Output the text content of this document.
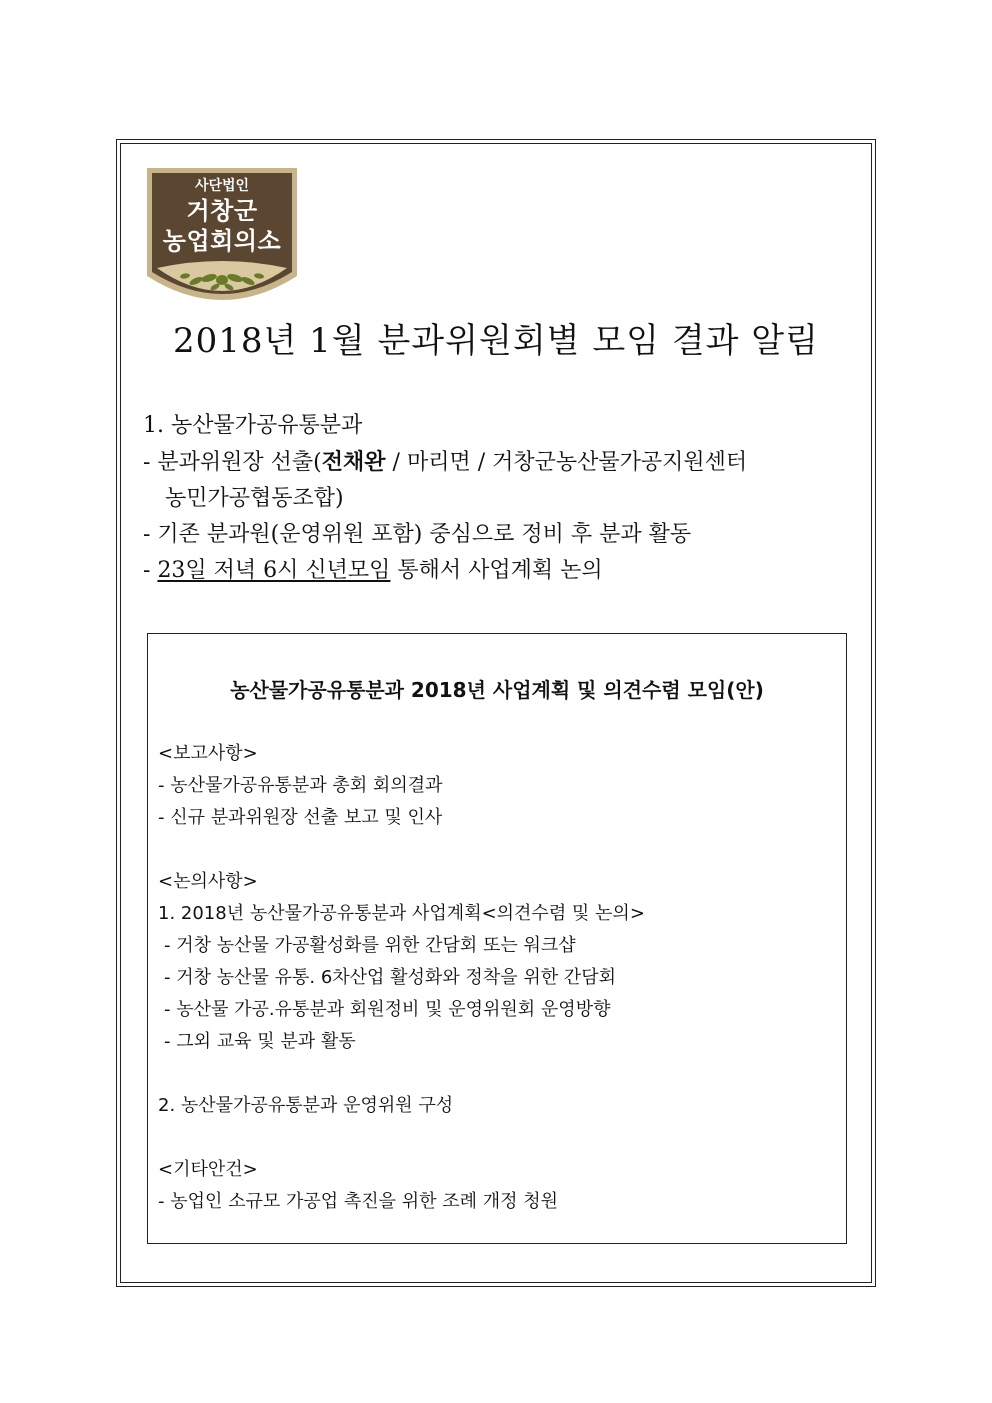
사단법인
거창군
농업회의소
2018년 1월 분과위원회별 모임 결과 알림
1. 농산물가공유통분과
- 분과위원장 선출(전채완 / 마리면 / 거창군농산물가공지원센터
농민가공협동조합)
- 기존 분과원(운영위원 포함) 중심으로 정비 후 분과 활동
- 23일 저녁 6시 신년모임 통해서 사업계획 논의
농산물가공유통분과 2018년 사업계획 및 의견수렴 모임(안)
<보고사항>
- 농산물가공유통분과 총회 회의결과
- 신규 분과위원장 선출 보고 및 인사
<논의사항>
1. 2018년 농산물가공유통분과 사업계획<의견수렴 및 논의>
- 거창 농산물 가공활성화를 위한 간담회 또는 워크샵
- 거창 농산물 유통. 6차산업 활성화와 정착을 위한 간담회
- 농산물 가공.유통분과 회원정비 및 운영위원회 운영방향
- 그외 교육 및 분과 활동
2. 농산물가공유통분과 운영위원 구성
<기타안건>
- 농업인 소규모 가공업 촉진을 위한 조례 개정 청원
